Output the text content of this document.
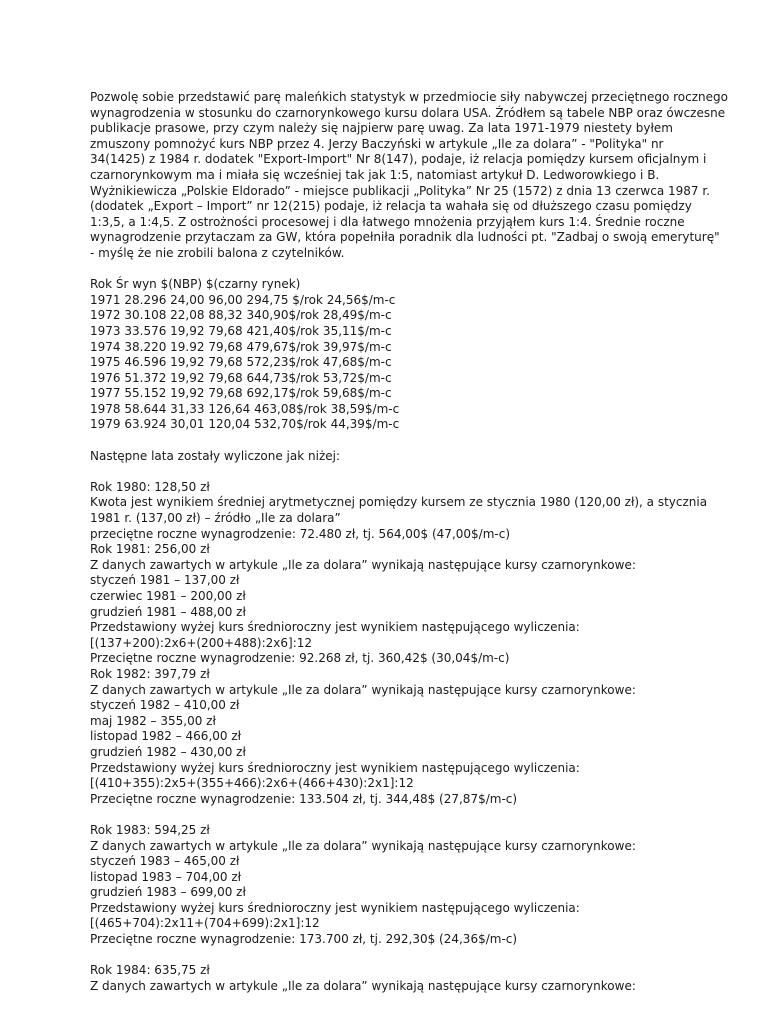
Pozwolę sobie przedstawić parę maleńkich statystyk w przedmiocie siły nabywczej przeciętnego rocznego
wynagrodzenia w stosunku do czarnorynkowego kursu dolara USA. Źródłem są tabele NBP oraz ówczesne
publikacje prasowe, przy czym należy się najpierw parę uwag. Za lata 1971-1979 niestety byłem
zmuszony pomnożyć kurs NBP przez 4. Jerzy Baczyński w artykule „Ile za dolara” - "Polityka" nr
34(1425) z 1984 r. dodatek "Export-Import" Nr 8(147), podaje, iż relacja pomiędzy kursem oficjalnym i
czarnorynkowym ma i miała się wcześniej tak jak 1:5, natomiast artykuł D. Ledworowkiego i B.
Wyżnikiewicza „Polskie Eldorado” - miejsce publikacji „Polityka” Nr 25 (1572) z dnia 13 czerwca 1987 r.
(dodatek „Export – Import” nr 12(215) podaje, iż relacja ta wahała się od dłuższego czasu pomiędzy
1:3,5, a 1:4,5. Z ostrożności procesowej i dla łatwego mnożenia przyjąłem kurs 1:4. Średnie roczne
wynagrodzenie przytaczam za GW, która popełniła poradnik dla ludności pt. "Zadbaj o swoją emeryturę"
- myślę że nie zrobili balona z czytelników.
Rok Śr wyn $(NBP) $(czarny rynek)
1971 28.296 24,00 96,00 294,75 $/rok 24,56$/m-c
1972 30.108 22,08 88,32 340,90$/rok 28,49$/m-c
1973 33.576 19,92 79,68 421,40$/rok 35,11$/m-c
1974 38.220 19.92 79,68 479,67$/rok 39,97$/m-c
1975 46.596 19,92 79,68 572,23$/rok 47,68$/m-c
1976 51.372 19,92 79,68 644,73$/rok 53,72$/m-c
1977 55.152 19,92 79,68 692,17$/rok 59,68$/m-c
1978 58.644 31,33 126,64 463,08$/rok 38,59$/m-c
1979 63.924 30,01 120,04 532,70$/rok 44,39$/m-c
Następne lata zostały wyliczone jak niżej:
Rok 1980: 128,50 zł
Kwota jest wynikiem średniej arytmetycznej pomiędzy kursem ze stycznia 1980 (120,00 zł), a stycznia
1981 r. (137,00 zł) – źródło „Ile za dolara”
przeciętne roczne wynagrodzenie: 72.480 zł, tj. 564,00$ (47,00$/m-c)
Rok 1981: 256,00 zł
Z danych zawartych w artykule „Ile za dolara” wynikają następujące kursy czarnorynkowe:
styczeń 1981 – 137,00 zł
czerwiec 1981 – 200,00 zł
grudzień 1981 – 488,00 zł
Przedstawiony wyżej kurs średnioroczny jest wynikiem następującego wyliczenia:
[(137+200):2x6+(200+488):2x6]:12
Przeciętne roczne wynagrodzenie: 92.268 zł, tj. 360,42$ (30,04$/m-c)
Rok 1982: 397,79 zł
Z danych zawartych w artykule „Ile za dolara” wynikają następujące kursy czarnorynkowe:
styczeń 1982 – 410,00 zł
maj 1982 – 355,00 zł
listopad 1982 – 466,00 zł
grudzień 1982 – 430,00 zł
Przedstawiony wyżej kurs średnioroczny jest wynikiem następującego wyliczenia:
[(410+355):2x5+(355+466):2x6+(466+430):2x1]:12
Przeciętne roczne wynagrodzenie: 133.504 zł, tj. 344,48$ (27,87$/m-c)
Rok 1983: 594,25 zł
Z danych zawartych w artykule „Ile za dolara” wynikają następujące kursy czarnorynkowe:
styczeń 1983 – 465,00 zł
listopad 1983 – 704,00 zł
grudzień 1983 – 699,00 zł
Przedstawiony wyżej kurs średnioroczny jest wynikiem następującego wyliczenia:
[(465+704):2x11+(704+699):2x1]:12
Przeciętne roczne wynagrodzenie: 173.700 zł, tj. 292,30$ (24,36$/m-c)
Rok 1984: 635,75 zł
Z danych zawartych w artykule „Ile za dolara” wynikają następujące kursy czarnorynkowe:
